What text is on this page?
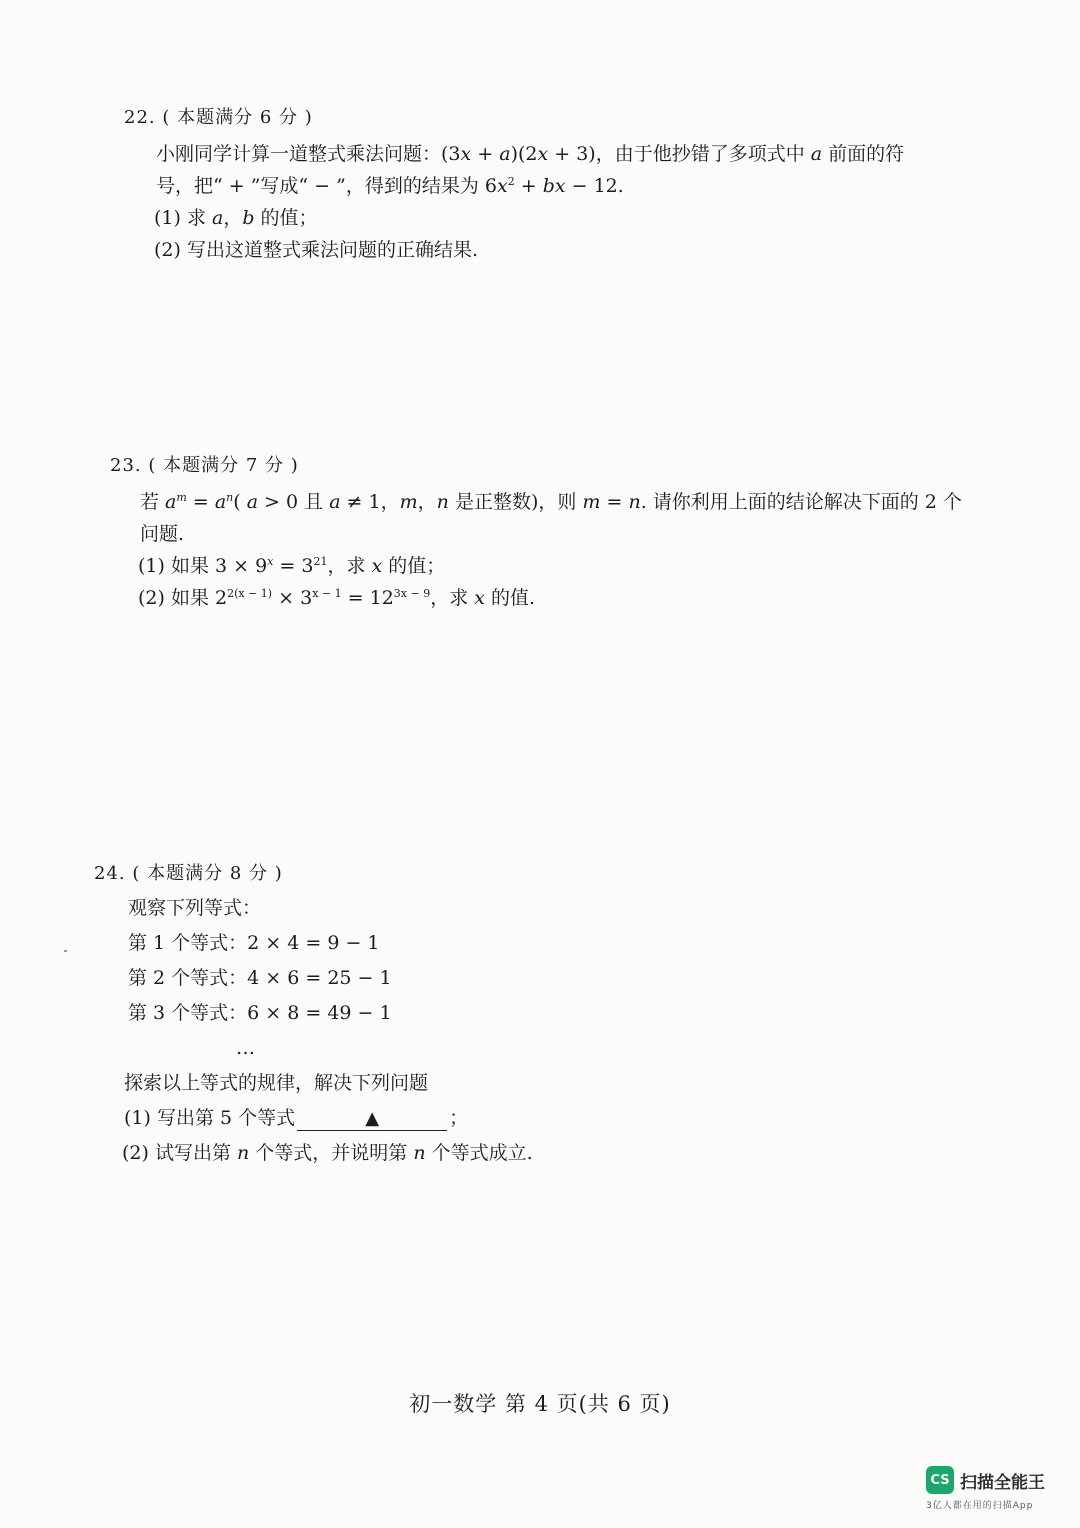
22. ( 本题满分 6 分 )
小刚同学计算一道整式乘法问题：(3x + a)(2x + 3)，由于他抄错了多项式中 a 前面的符
号，把“ + ”写成“ − ”，得到的结果为 $6x^2$ + bx − 12.
(1) 求 a，b 的值；
(2) 写出这道整式乘法问题的正确结果.
23. ( 本题满分 7 分 )
若 $a^m = a^n$( a > 0 且 a ≠ 1，m，n 是正整数)，则 m = n. 请你利用上面的结论解决下面的 2 个
问题.
(1) 如果 $3 \times 9^x = 3^{21}$，求 x 的值；
(2) 如果 $2^{2(x - 1)} \times 3^{x - 1} = 12^{3x - 9}$，求 x 的值.
24. ( 本题满分 8 分 )
观察下列等式：
第 1 个等式：2 × 4 = 9 − 1
第 2 个等式：4 × 6 = 25 − 1
第 3 个等式：6 × 8 = 49 − 1
…
探索以上等式的规律，解决下列问题
(1) 写出第 5 个等式	▲	；
(2) 试写出第 n 个等式，并说明第 n 个等式成立.
初一数学 第 4 页(共 6 页)
CS 扫描全能王
3亿人都在用的扫描App
